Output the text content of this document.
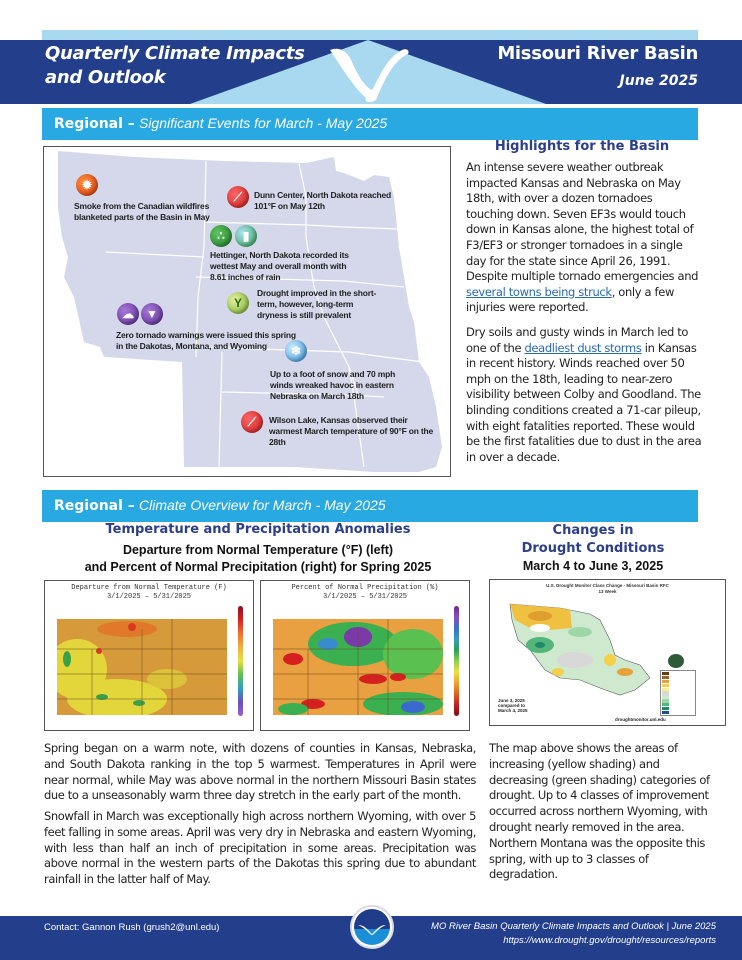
Quarterly Climate Impacts
and Outlook
Missouri River Basin
June 2025
Regional – Significant Events for March - May 2025
✹
Smoke from the Canadian wildfires blanketed parts of the Basin in May
⟋	Dunn Center, North Dakota reached 101°F on May 12th
∴	▮
Hettinger, North Dakota recorded its wettest May and overall month with 8.61 inches of rain
Y
Drought improved in the short-term, however, long-term dryness is still prevalent
☁	▼
Zero tornado warnings were issued this spring in the Dakotas, Montana, and Wyoming	❄
Up to a foot of snow and 70 mph winds wreaked havoc in eastern Nebraska on March 18th
⟋	Wilson Lake, Kansas observed their warmest March temperature of 90°F on the 28th
Highlights for the Basin
An intense severe weather outbreak impacted Kansas and Nebraska on May 18th, with over a dozen tornadoes touching down. Seven EF3s would touch down in Kansas alone, the highest total of F3/EF3 or stronger tornadoes in a single day for the state since April 26, 1991. Despite multiple tornado emergencies and several towns being struck, only a few injuries were reported.
Dry soils and gusty winds in March led to one of the deadliest dust storms in Kansas in recent history. Winds reached over 50 mph on the 18th, leading to near-zero visibility between Colby and Goodland. The blinding conditions created a 71-car pileup, with eight fatalities reported. These would be the first fatalities due to dust in the area in over a decade.
Regional – Climate Overview for March - May 2025
Temperature and Precipitation Anomalies
Departure from Normal Temperature (°F) (left)
and Percent of Normal Precipitation (right) for Spring 2025
Departure from Normal Temperature (F)
3/1/2025 – 5/31/2025
Percent of Normal Precipitation (%)
3/1/2025 – 5/31/2025
Changes in
Drought Conditions
March 4 to June 3, 2025
U.S. Drought Monitor Class Change - Missouri Basin RFC
13 Week
June 3, 2025 compared to March 4, 2025
droughtmonitor.unl.edu
Spring began on a warm note, with dozens of counties in Kansas, Nebraska, and South Dakota ranking in the top 5 warmest. Temperatures in April were near normal, while May was above normal in the northern Missouri Basin states due to a unseasonably warm three day stretch in the early part of the month.
Snowfall in March was exceptionally high across northern Wyoming, with over 5 feet falling in some areas. April was very dry in Nebraska and eastern Wyoming, with less than half an inch of precipitation in some areas. Precipitation was above normal in the western parts of the Dakotas this spring due to abundant rainfall in the latter half of May.
The map above shows the areas of increasing (yellow shading) and decreasing (green shading) categories of drought. Up to 4 classes of improvement occurred across northern Wyoming, with drought nearly removed in the area. Northern Montana was the opposite this spring, with up to 3 classes of degradation.
Contact: Gannon Rush (grush2@unl.edu)	MO River Basin Quarterly Climate Impacts and Outlook | June 2025
https://www.drought.gov/drought/resources/reports
